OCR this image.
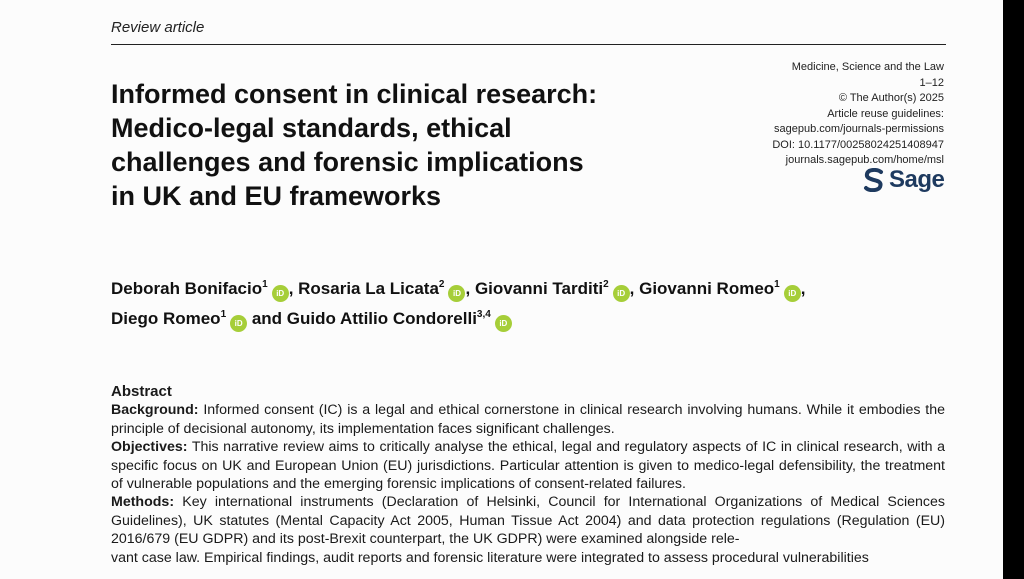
Review article
Informed consent in clinical research:
Medico-legal standards, ethical
challenges and forensic implications
in UK and EU frameworks
Medicine, Science and the Law
1–12
© The Author(s) 2025
Article reuse guidelines:
sagepub.com/journals-permissions
DOI: 10.1177/00258024251408947
journals.sagepub.com/home/msl
Sage
Deborah Bonifacio$^1$iD , Rosaria La Licata$^2$iD , Giovanni Tarditi$^2$iD , Giovanni Romeo$^1$iD ,
Diego Romeo$^1$iD and Guido Attilio Condorelli$^{3,4}$iD
Abstract

Background: Informed consent (IC) is a legal and ethical cornerstone in clinical research involving humans. While it embodies the principle of decisional autonomy, its implementation faces significant challenges.

Objectives: This narrative review aims to critically analyse the ethical, legal and regulatory aspects of IC in clinical research, with a specific focus on UK and European Union (EU) jurisdictions. Particular attention is given to medico-legal defensibility, the treatment of vulnerable populations and the emerging forensic implications of consent-related failures.

Methods: Key international instruments (Declaration of Helsinki, Council for International Organizations of Medical Sciences Guidelines), UK statutes (Mental Capacity Act 2005, Human Tissue Act 2004) and data protection regulations (Regulation (EU) 2016/679 (EU GDPR) and its post-Brexit counterpart, the UK GDPR) were examined alongside rele-

vant case law. Empirical findings, audit reports and forensic literature were integrated to assess procedural vulnerabilities
